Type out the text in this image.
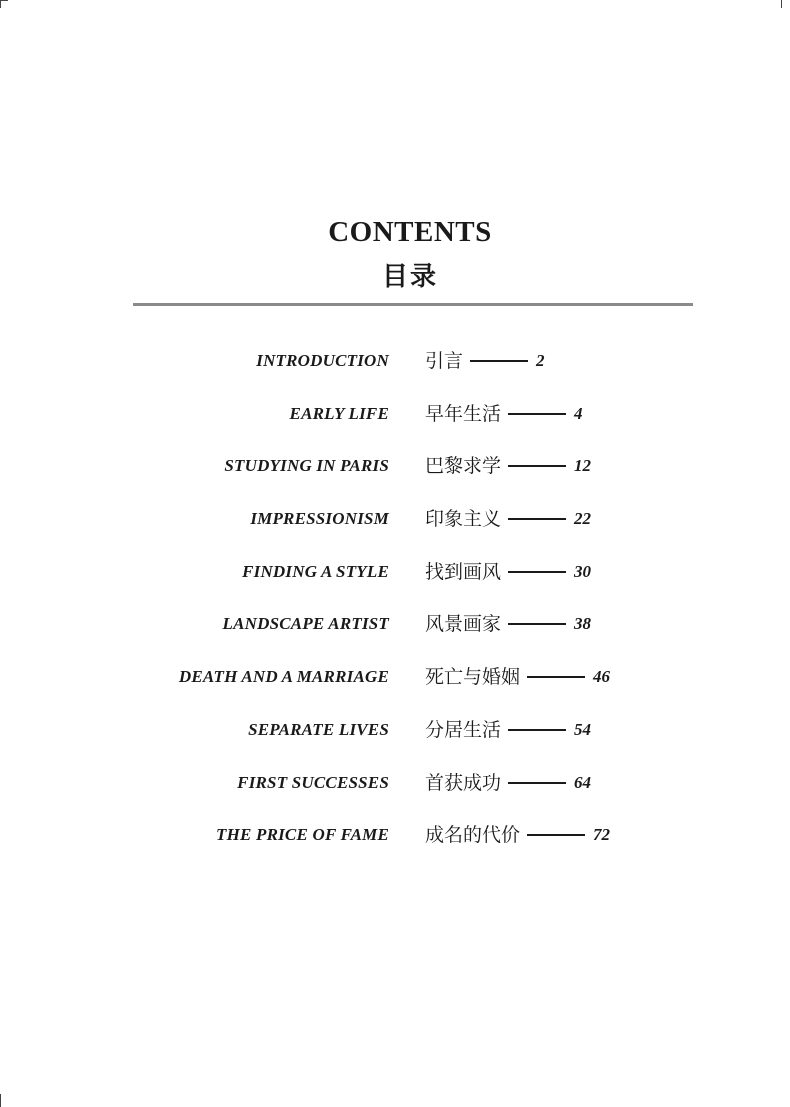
CONTENTS
目录
INTRODUCTION 引言	2
EARLY LIFE 早年生活	4
STUDYING IN PARIS 巴黎求学	12
IMPRESSIONISM 印象主义	22
FINDING A STYLE 找到画风	30
LANDSCAPE ARTIST 风景画家	38
DEATH AND A MARRIAGE 死亡与婚姻	46
SEPARATE LIVES 分居生活	54
FIRST SUCCESSES 首获成功	64
THE PRICE OF FAME 成名的代价	72
